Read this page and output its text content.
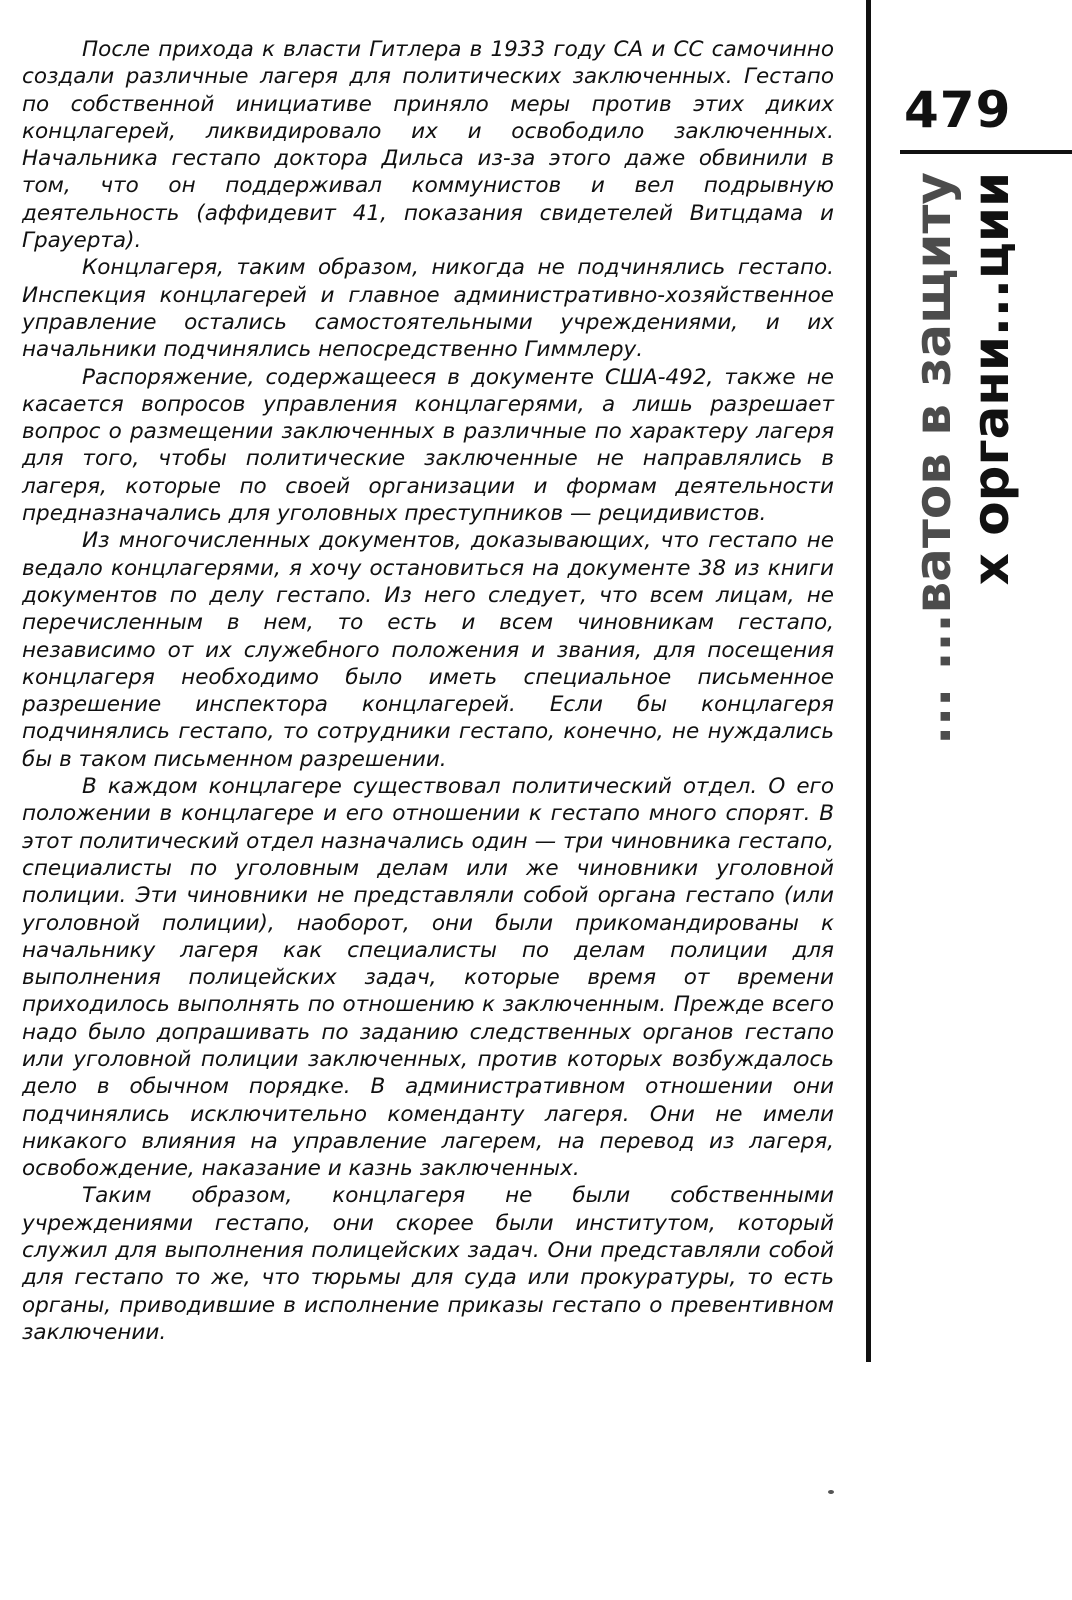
После прихода к власти Гитлера в 1933 году СА и СС самочинно создали различные лагеря для политических заключенных. Гестапо по собственной инициативе приняло меры против этих диких концлагерей, ликвидировало их и освободило заключенных. Начальника гестапо доктора Дильса из-за этого даже обвинили в том, что он поддерживал коммунистов и вел подрывную деятельность (аффидевит 41, показания свидетелей Витцдама и Грауерта).

Концлагеря, таким образом, никогда не подчинялись гестапо. Инспекция концлагерей и главное административно-хозяйственное управление остались самостоятельными учреждениями, и их начальники подчинялись непосредственно Гиммлеру.

Распоряжение, содержащееся в документе США-492, также не касается вопросов управления концлагерями, а лишь разрешает вопрос о размещении заключенных в различные по характеру лагеря для того, чтобы политические заключенные не направлялись в лагеря, которые по своей организации и формам деятельности предназначались для уголовных преступников — рецидивистов.

Из многочисленных документов, доказывающих, что гестапо не ведало концлагерями, я хочу остановиться на документе 38 из книги документов по делу гестапо. Из него следует, что всем лицам, не перечисленным в нем, то есть и всем чиновникам гестапо, независимо от их служебного положения и звания, для посещения концлагеря необходимо было иметь специальное письменное разрешение инспектора концлагерей. Если бы концлагеря подчинялись гестапо, то сотрудники гестапо, конечно, не нуждались бы в таком письменном разрешении.

В каждом концлагере существовал политический отдел. О его положении в концлагере и его отношении к гестапо много спорят. В этот политический отдел назначались один — три чиновника гестапо, специалисты по уголовным делам или же чиновники уголовной полиции. Эти чиновники не представляли собой органа гестапо (или уголовной полиции), наоборот, они были прикомандированы к начальнику лагеря как специалисты по делам полиции для выполнения полицейских задач, которые время от времени приходилось выполнять по отношению к заключенным. Прежде всего надо было допрашивать по заданию следственных органов гестапо или уголовной полиции заключенных, против которых возбуждалось дело в обычном порядке. В административном отношении они подчинялись исключительно коменданту лагеря. Они не имели никакого влияния на управление лагерем, на перевод из лагеря, освобождение, наказание и казнь заключенных.

Таким образом, концлагеря не были собственными учреждениями гестапо, они скорее были институтом, который служил для выполнения полицейских задач. Они представляли собой для гестапо то же, что тюрьмы для суда или прокуратуры, то есть органы, приводившие в исполнение приказы гестапо о превентивном заключении.

479
... ...ватов в защиту х органи...ции
